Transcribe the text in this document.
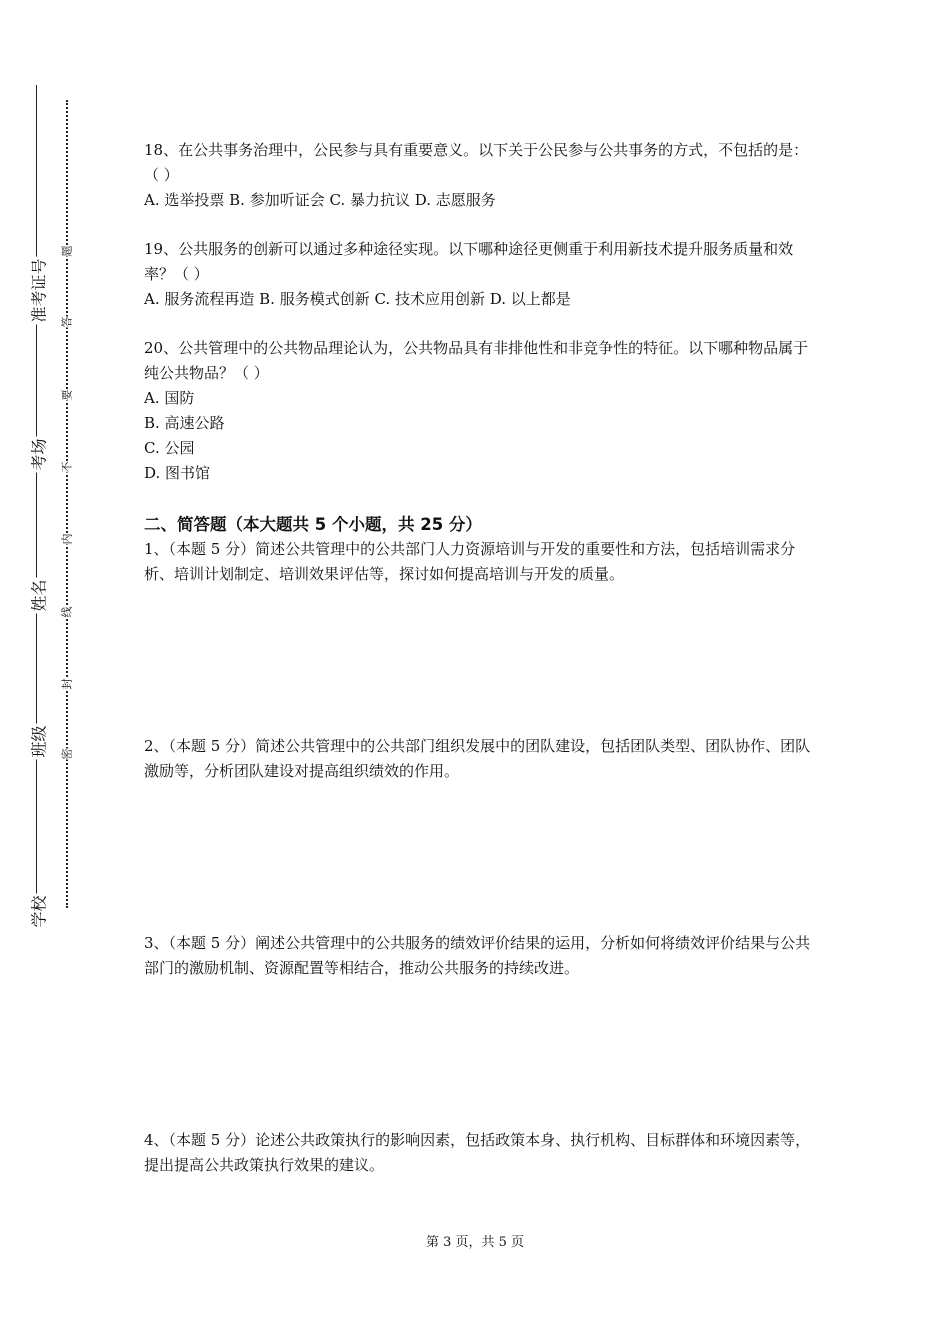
准考证号
考场
姓名
班级
学校
题
答
要
不
内
线
封
密

18、在公共事务治理中，公民参与具有重要意义。以下关于公民参与公共事务的方式，不包括的是：（ ）

A. 选举投票 B. 参加听证会 C. 暴力抗议 D. 志愿服务

19、公共服务的创新可以通过多种途径实现。以下哪种途径更侧重于利用新技术提升服务质量和效率？（ ）

A. 服务流程再造 B. 服务模式创新 C. 技术应用创新 D. 以上都是

20、公共管理中的公共物品理论认为，公共物品具有非排他性和非竞争性的特征。以下哪种物品属于纯公共物品？（ ）

A. 国防

B. 高速公路

C. 公园

D. 图书馆

二、简答题（本大题共 5 个小题，共 25 分）

1、（本题 5 分）简述公共管理中的公共部门人力资源培训与开发的重要性和方法，包括培训需求分析、培训计划制定、培训效果评估等，探讨如何提高培训与开发的质量。

2、（本题 5 分）简述公共管理中的公共部门组织发展中的团队建设，包括团队类型、团队协作、团队激励等，分析团队建设对提高组织绩效的作用。

3、（本题 5 分）阐述公共管理中的公共服务的绩效评价结果的运用，分析如何将绩效评价结果与公共部门的激励机制、资源配置等相结合，推动公共服务的持续改进。

4、（本题 5 分）论述公共政策执行的影响因素，包括政策本身、执行机构、目标群体和环境因素等，提出提高公共政策执行效果的建议。

第 3 页，共 5 页
